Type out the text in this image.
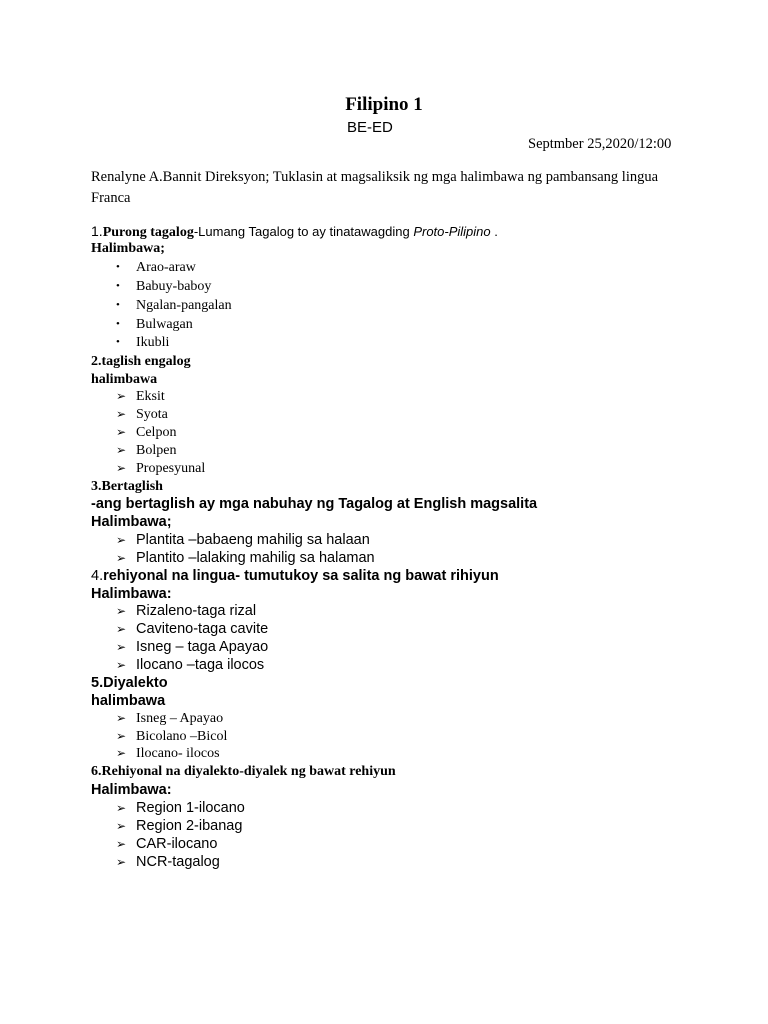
Filipino 1
BE-ED
Septmber 25,2020/12:00
Renalyne A.Bannit Direksyon; Tuklasin at magsaliksik ng mga halimbawa ng pambansang lingua Franca
1.Purong tagalog-Lumang Tagalog to ay tinatawagding Proto-Pilipino .
Halimbawa;
• Arao-araw
• Babuy-baboy
• Ngalan-pangalan
• Bulwagan
• Ikubli
2.taglish engalog
halimbawa
➢ Eksit
➢ Syota
➢ Celpon
➢ Bolpen
➢ Propesyunal
3.Bertaglish
-ang bertaglish ay mga nabuhay ng Tagalog at English magsalita
Halimbawa;
➢ Plantita –babaeng mahilig sa halaan
➢ Plantito –lalaking mahilig sa halaman
4.rehiyonal na lingua- tumutukoy sa salita ng bawat rihiyun
Halimbawa:
➢ Rizaleno-taga rizal
➢ Caviteno-taga cavite
➢ Isneg – taga Apayao
➢ Ilocano –taga ilocos
5.Diyalekto
halimbawa
➢ Isneg – Apayao
➢ Bicolano –Bicol
➢ Ilocano- ilocos
6.Rehiyonal na diyalekto-diyalek ng bawat rehiyun
Halimbawa:
➢ Region 1-ilocano
➢ Region 2-ibanag
➢ CAR-ilocano
➢ NCR-tagalog
